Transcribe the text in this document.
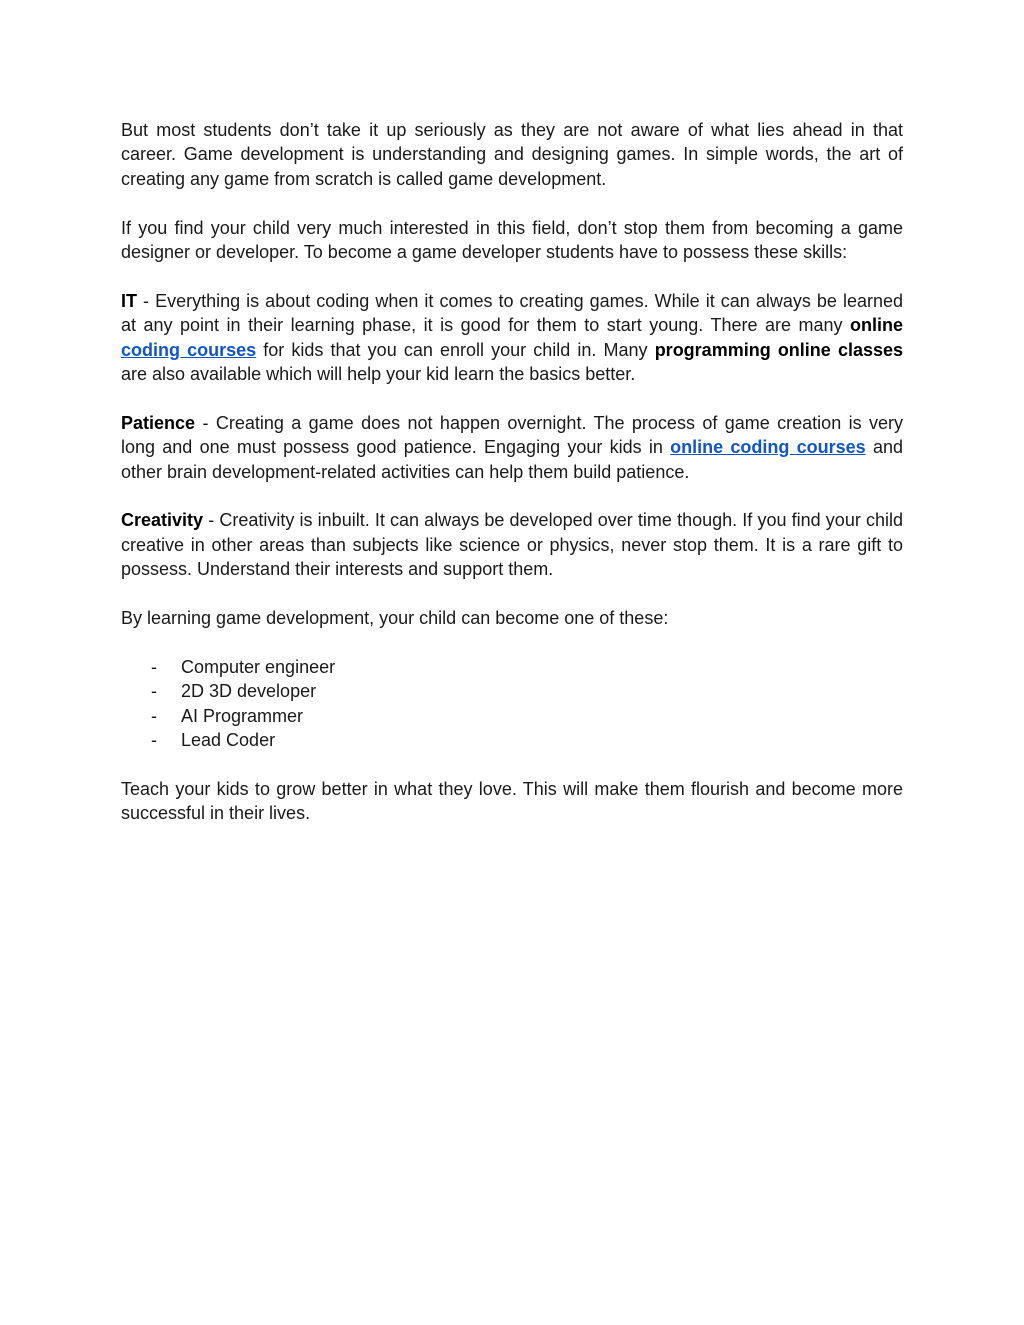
But most students don’t take it up seriously as they are not aware of what lies ahead in that career. Game development is understanding and designing games. In simple words, the art of creating any game from scratch is called game development.

If you find your child very much interested in this field, don’t stop them from becoming a game designer or developer. To become a game developer students have to possess these skills:

IT - Everything is about coding when it comes to creating games. While it can always be learned at any point in their learning phase, it is good for them to start young. There are many online coding courses for kids that you can enroll your child in. Many programming online classes are also available which will help your kid learn the basics better.

Patience - Creating a game does not happen overnight. The process of game creation is very long and one must possess good patience. Engaging your kids in online coding courses and other brain development-related activities can help them build patience.

Creativity - Creativity is inbuilt. It can always be developed over time though. If you find your child creative in other areas than subjects like science or physics, never stop them. It is a rare gift to possess. Understand their interests and support them.

By learning game development, your child can become one of these:

- Computer engineer
- 2D 3D developer
- AI Programmer
- Lead Coder

Teach your kids to grow better in what they love. This will make them flourish and become more successful in their lives.
